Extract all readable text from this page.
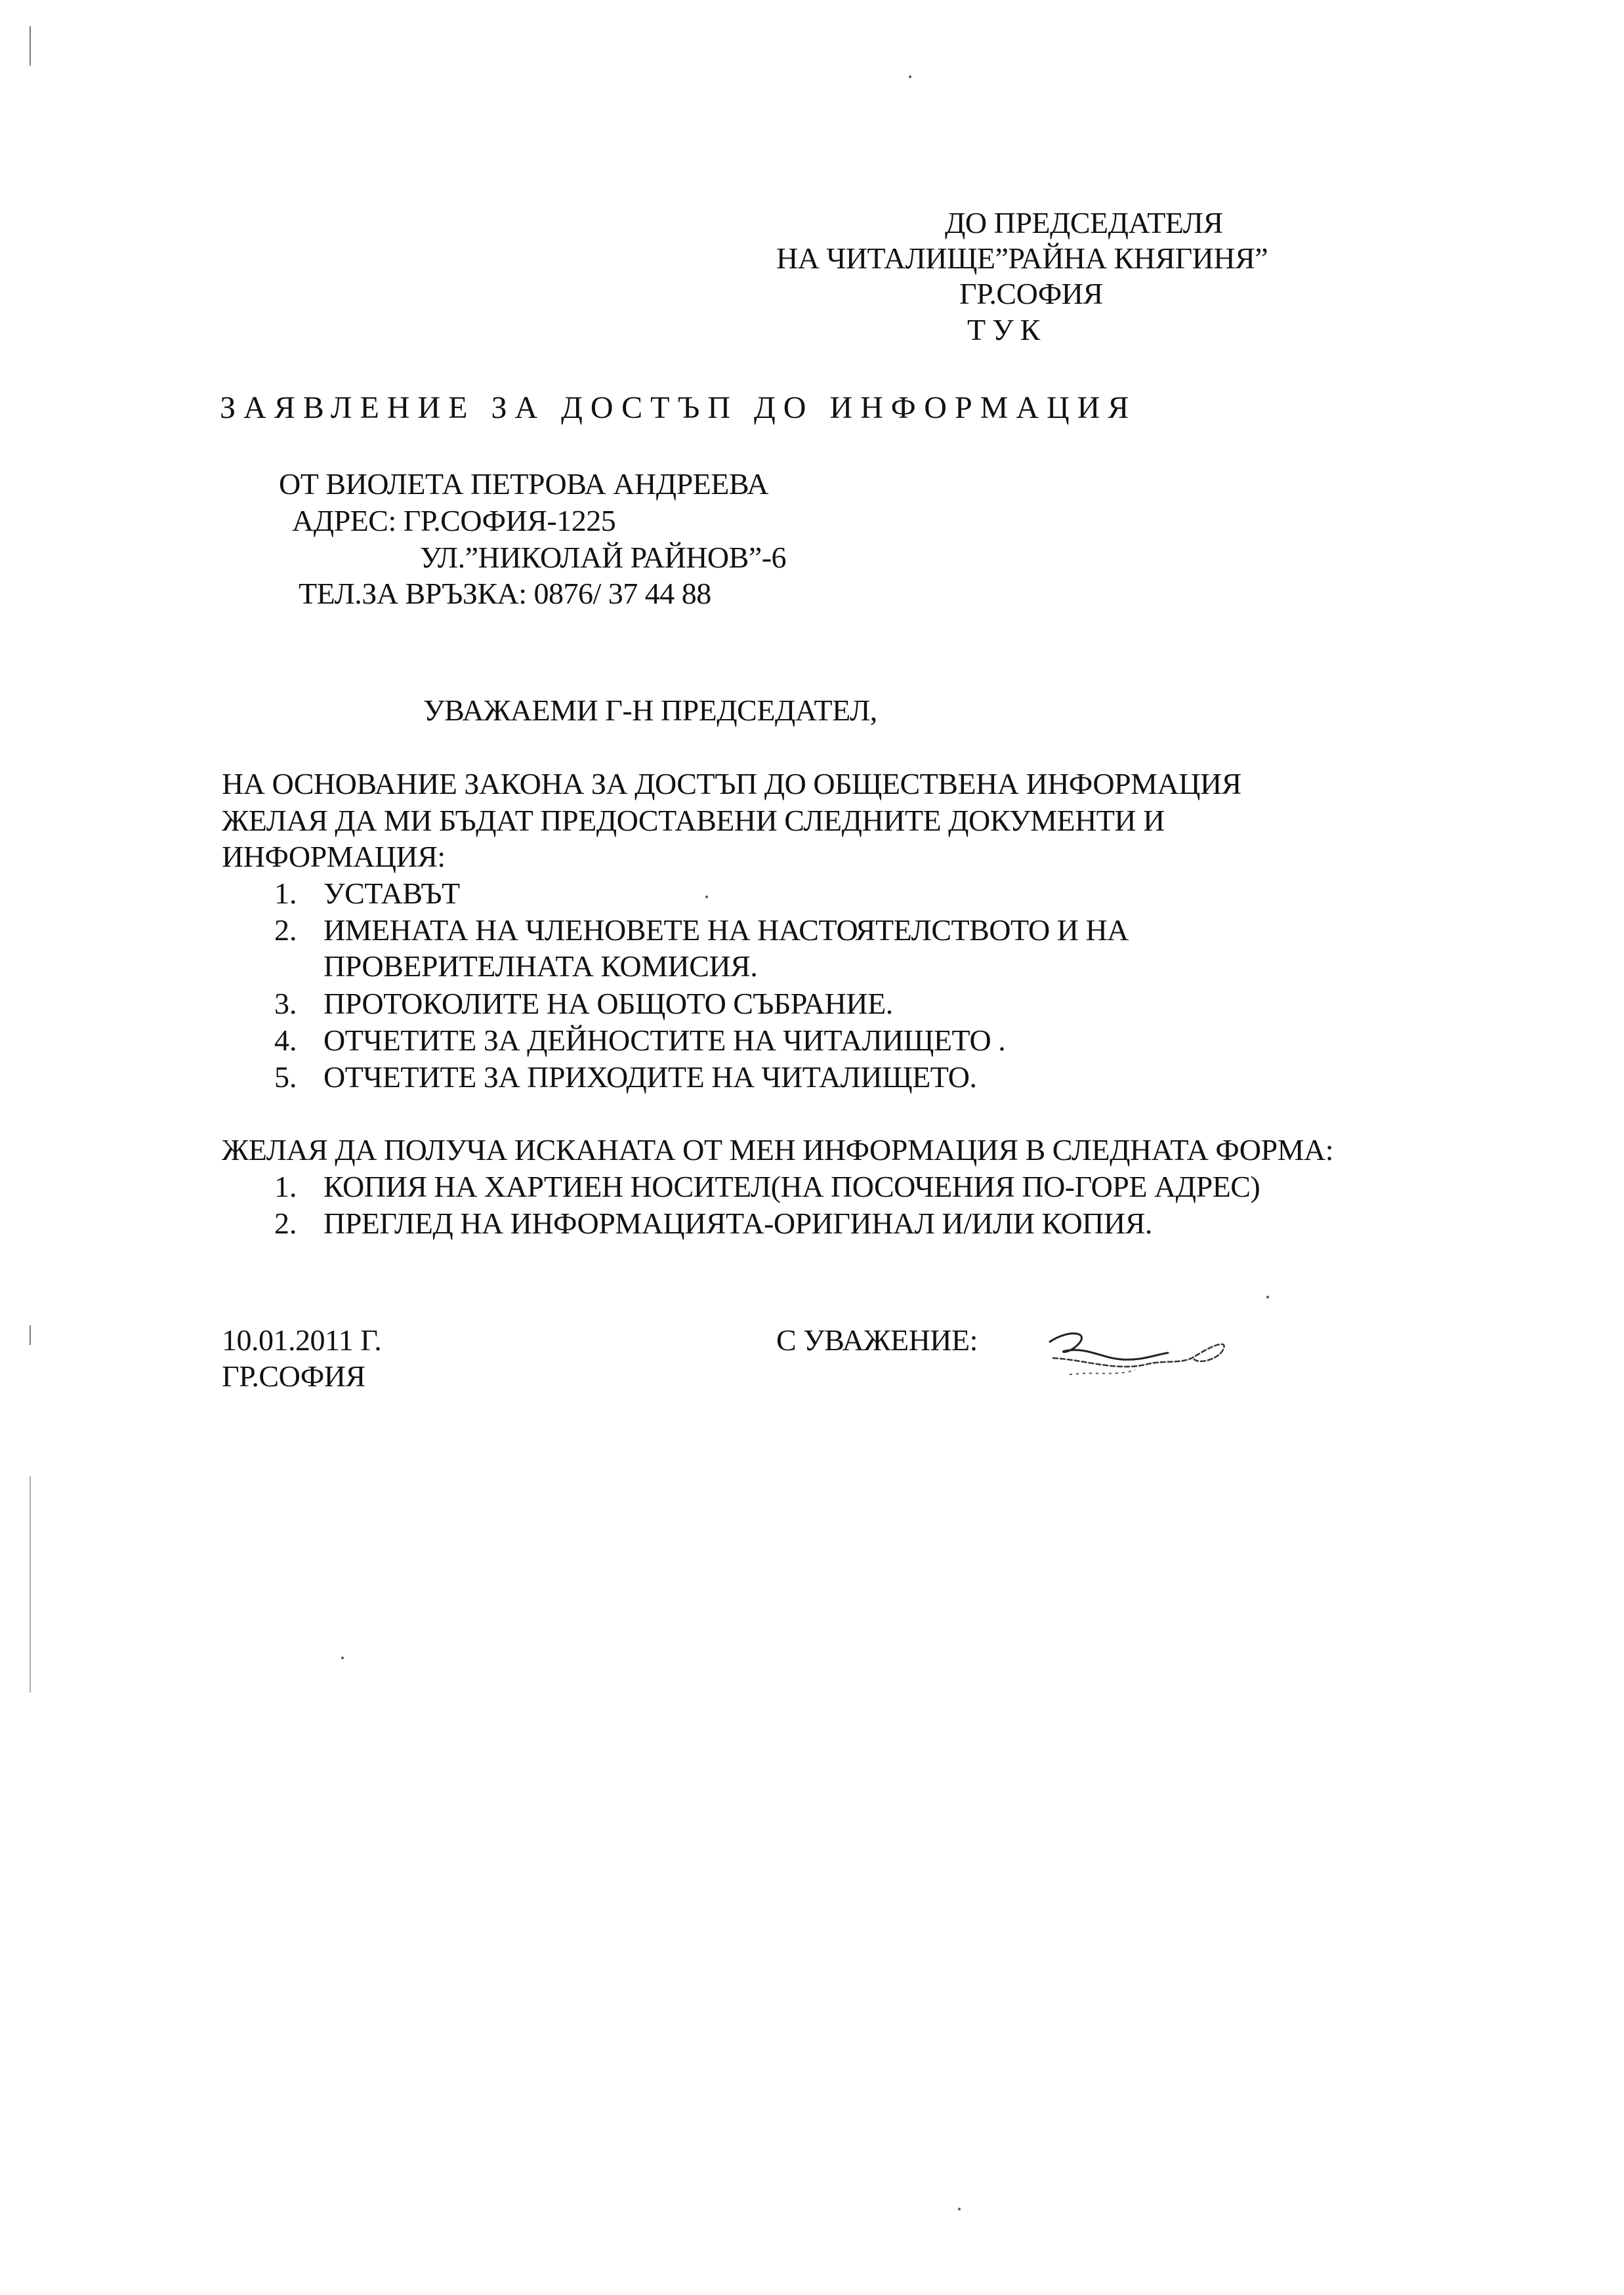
ДО ПРЕДСЕДАТЕЛЯ
НА ЧИТАЛИЩЕ”РАЙНА КНЯГИНЯ”
ГР.СОФИЯ
ТУК
ЗАЯВЛЕНИЕ ЗА ДОСТЪП ДО ИНФОРМАЦИЯ
ОТ ВИОЛЕТА ПЕТРОВА АНДРЕЕВА
АДРЕС: ГР.СОФИЯ-1225
УЛ.”НИКОЛАЙ РАЙНОВ”-6
ТЕЛ.ЗА ВРЪЗКА: 0876/ 37 44 88
УВАЖАЕМИ Г-Н ПРЕДСЕДАТЕЛ,
НА ОСНОВАНИЕ ЗАКОНА ЗА ДОСТЪП ДО ОБЩЕСТВЕНА ИНФОРМАЦИЯ
ЖЕЛАЯ ДА МИ БЪДАТ ПРЕДОСТАВЕНИ СЛЕДНИТЕ ДОКУМЕНТИ И
ИНФОРМАЦИЯ:
1. УСТАВЪТ
2. ИМЕНАТА НА ЧЛЕНОВЕТЕ НА НАСТОЯТЕЛСТВОТО И НА
ПРОВЕРИТЕЛНАТА КОМИСИЯ.
3. ПРОТОКОЛИТЕ НА ОБЩОТО СЪБРАНИЕ.
4. ОТЧЕТИТЕ ЗА ДЕЙНОСТИТЕ НА ЧИТАЛИЩЕТО .
5. ОТЧЕТИТЕ ЗА ПРИХОДИТЕ НА ЧИТАЛИЩЕТО.
ЖЕЛАЯ ДА ПОЛУЧА ИСКАНАТА ОТ МЕН ИНФОРМАЦИЯ В СЛЕДНАТА ФОРМА:
1. КОПИЯ НА ХАРТИЕН НОСИТЕЛ(НА ПОСОЧЕНИЯ ПО-ГОРЕ АДРЕС)
2. ПРЕГЛЕД НА ИНФОРМАЦИЯТА-ОРИГИНАЛ И/ИЛИ КОПИЯ.
10.01.2011 Г.
ГР.СОФИЯ
С УВАЖЕНИЕ:
